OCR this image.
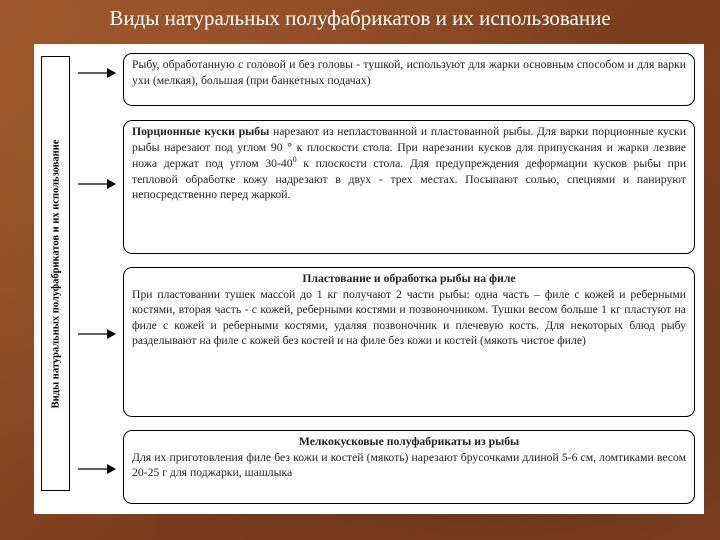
Виды натуральных полуфабрикатов и их использование
Виды натуральных полуфабрикатов и их использование
Рыбу, обработанную с головой и без головы - тушкой, используют для жарки основным способом и для варки ухи (мелкая), большая (при банкетных подачах)
Порционные куски рыбы нарезают из непластованной и пластованной рыбы. Для варки порционные куски рыбы нарезают под углом 90 ° к плоскости стола. При нарезании кусков для припускания и жарки лезвие ножа держат под углом $30-40^0$ к плоскости стола. Для предупреждения деформации кусков рыбы при тепловой обработке кожу надрезают в двух - трех местах. Посыпают солью, специями и панируют непосредственно перед жаркой.
Пластование и обработка рыбы на филе
При пластовании тушек массой до 1 кг получают 2 части рыбы: одна часть – филе с кожей и реберными костями, вторая часть - с кожей, реберными костями и позвоночником. Тушки весом больше 1 кг пластуют на филе с кожей и реберными костями, удаляя позвоночник и плечевую кость. Для некоторых блюд рыбу разделывают на филе с кожей без костей и на филе без кожи и костей (мякоть чистое филе)
Мелкокусковые полуфабрикаты из рыбы
Для их приготовления филе без кожи и костей (мякоть) нарезают брусочками длиной 5-6 см, ломтиками весом 20-25 г для поджарки, шашлыка
